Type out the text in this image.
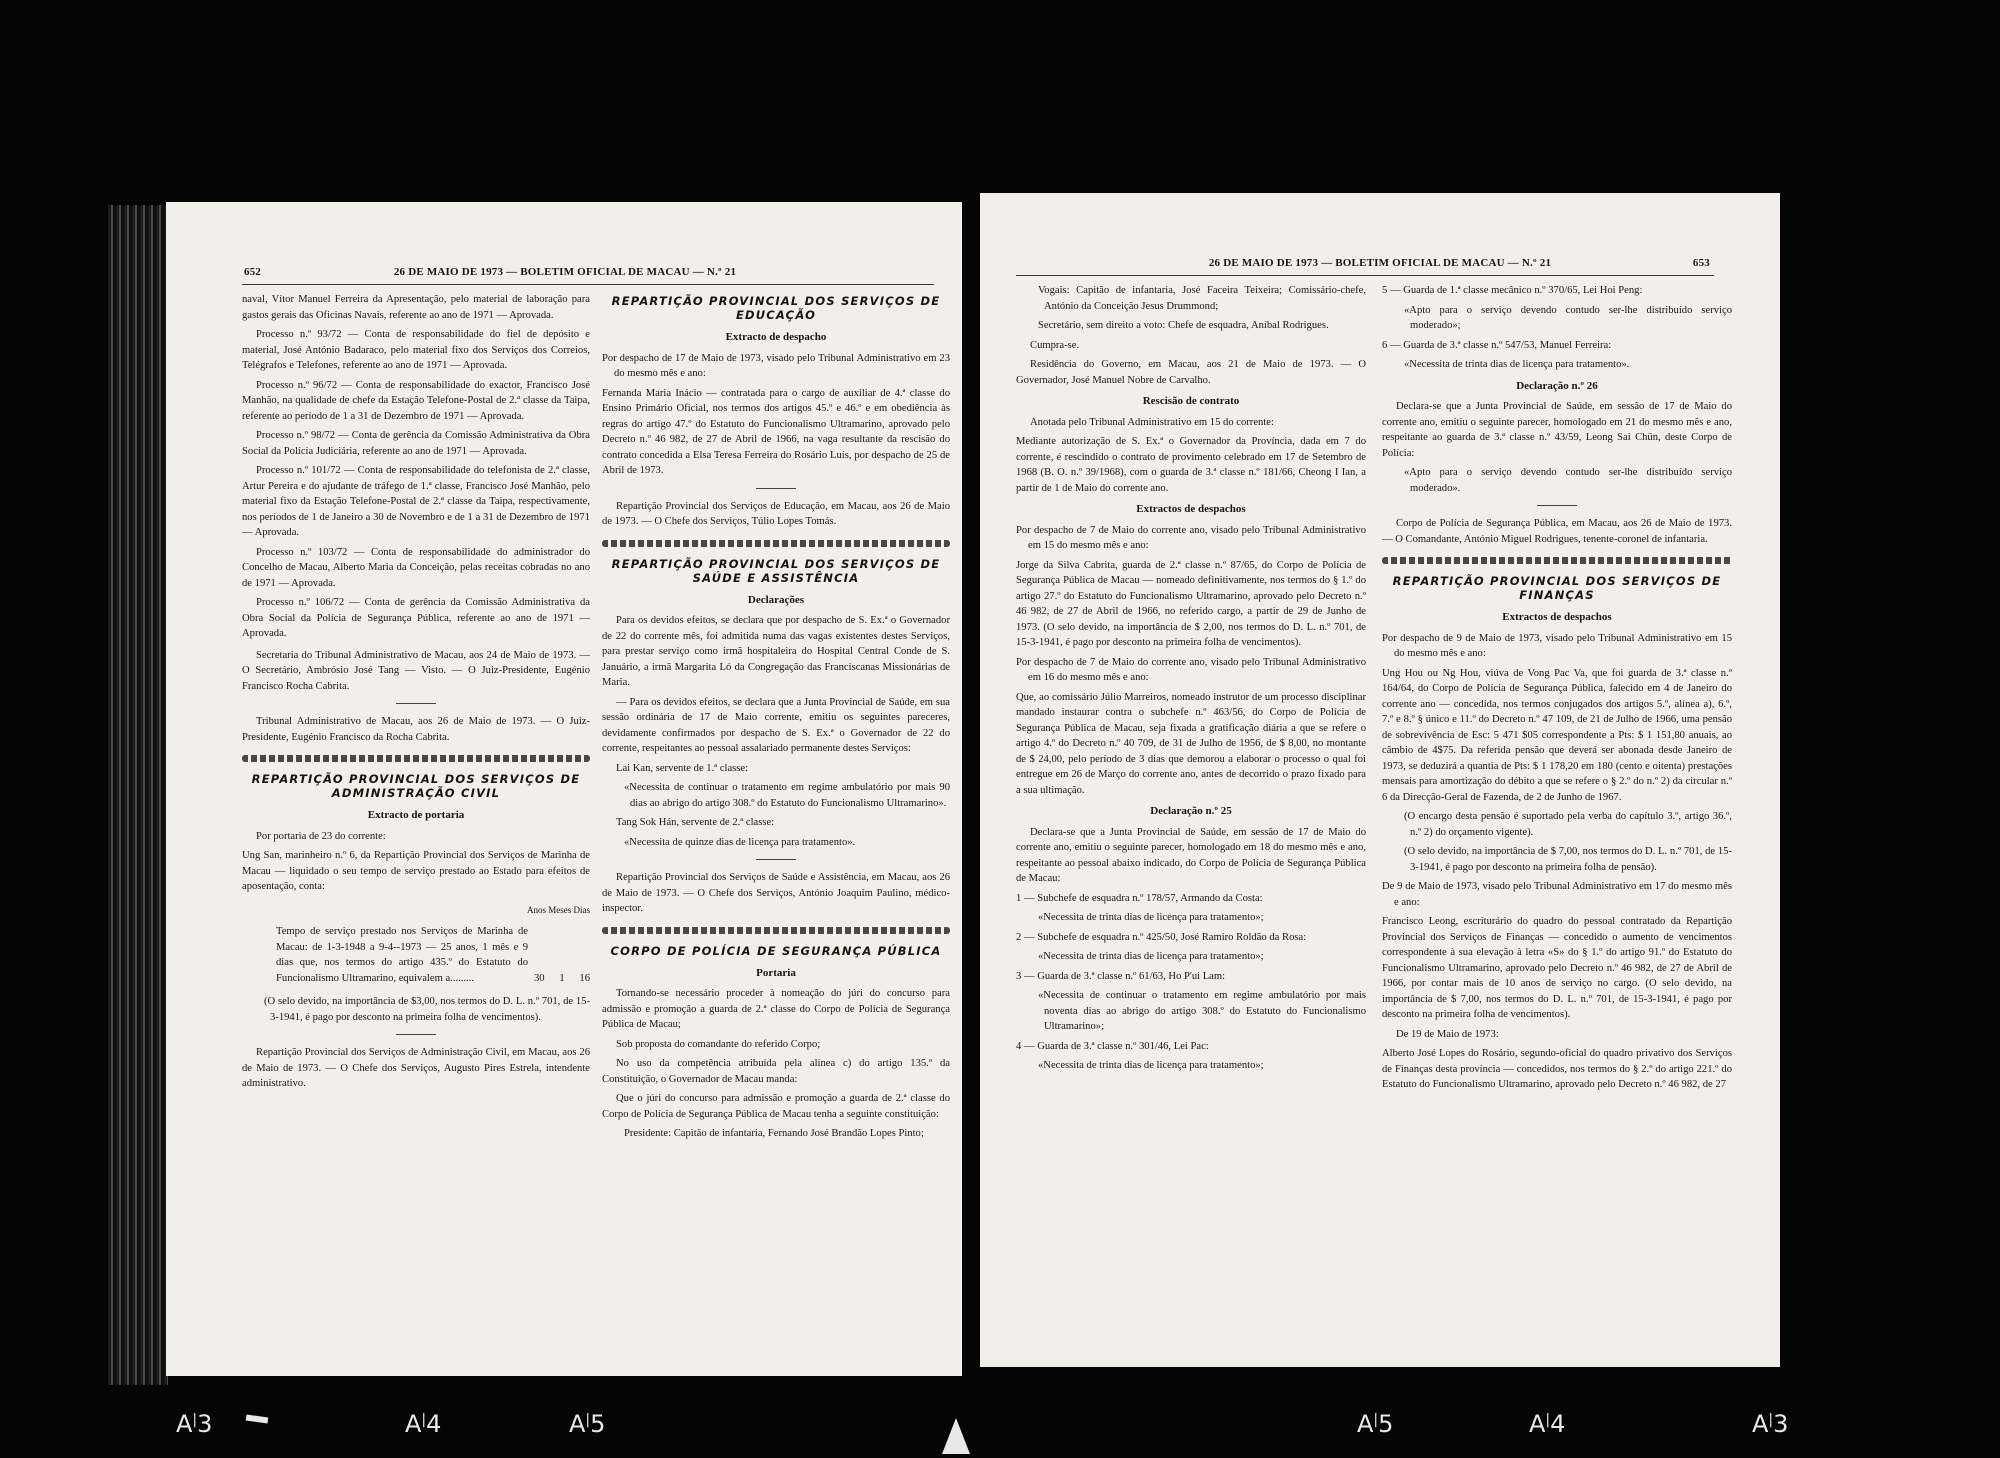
652	26 DE MAIO DE 1973 — BOLETIM OFICIAL DE MACAU — N.º 21

naval, Vítor Manuel Ferreira da Apresentação, pelo material de laboração para gastos gerais das Oficinas Navais, referente ao ano de 1971 — Aprovada.

Processo n.º 93/72 — Conta de responsabilidade do fiel de depósito e material, José António Badaraco, pelo material fixo dos Serviços dos Correios, Telégrafos e Telefones, referente ao ano de 1971 — Aprovada.

Processo n.º 96/72 — Conta de responsabilidade do exactor, Francisco José Manhão, na qualidade de chefe da Estação Telefone-Postal de 2.ª classe da Taipa, referente ao período de 1 a 31 de Dezembro de 1971 — Aprovada.

Processo n.º 98/72 — Conta de gerência da Comissão Administrativa da Obra Social da Polícia Judiciária, referente ao ano de 1971 — Aprovada.

Processo n.º 101/72 — Conta de responsabilidade do telefonista de 2.ª classe, Artur Pereira e do ajudante de tráfego de 1.ª classe, Francisco José Manhão, pelo material fixo da Estação Telefone-Postal de 2.ª classe da Taipa, respectivamente, nos períodos de 1 de Janeiro a 30 de Novembro e de 1 a 31 de Dezembro de 1971 — Aprovada.

Processo n.º 103/72 — Conta de responsabilidade do administrador do Concelho de Macau, Alberto Maria da Conceição, pelas receitas cobradas no ano de 1971 — Aprovada.

Processo n.º 106/72 — Conta de gerência da Comissão Administrativa da Obra Social da Polícia de Segurança Pública, referente ao ano de 1971 — Aprovada.

Secretaria do Tribunal Administrativo de Macau, aos 24 de Maio de 1973. — O Secretário, Ambrósio José Tang — Visto. — O Juiz-Presidente, Eugénio Francisco Rocha Cabrita.

Tribunal Administrativo de Macau, aos 26 de Maio de 1973. — O Juiz-Presidente, Eugénio Francisco da Rocha Cabrita.

REPARTIÇÃO PROVINCIAL DOS SERVIÇOS DE ADMINISTRAÇÃO CIVIL
Extracto de portaria

Por portaria de 23 do corrente:

Ung San, marinheiro n.º 6, da Repartição Provincial dos Serviços de Marinha de Macau — liquidado o seu tempo de serviço prestado ao Estado para efeitos de aposentação, conta:

Anos Meses Dias
Tempo de serviço prestado nos Serviços de Marinha de Macau: de 1-3-1948 a 9-4--1973 — 25 anos, 1 mês e 9 dias que, nos termos do artigo 435.º do Estatuto do Funcionalismo Ultramarino, equivalem a.........	30 1 16

(O selo devido, na importância de $3,00, nos termos do D. L. n.º 701, de 15-3-1941, é pago por desconto na primeira folha de vencimentos).

Repartição Provincial dos Serviços de Administração Civil, em Macau, aos 26 de Maio de 1973. — O Chefe dos Serviços, Augusto Pires Estrela, intendente administrativo.

REPARTIÇÃO PROVINCIAL DOS SERVIÇOS DE EDUCAÇÃO
Extracto de despacho

Por despacho de 17 de Maio de 1973, visado pelo Tribunal Administrativo em 23 do mesmo mês e ano:

Fernanda Maria Inácio — contratada para o cargo de auxiliar de 4.ª classe do Ensino Primário Oficial, nos termos dos artigos 45.º e 46.º e em obediência às regras do artigo 47.º do Estatuto do Funcionalismo Ultramarino, aprovado pelo Decreto n.º 46 982, de 27 de Abril de 1966, na vaga resultante da rescisão do contrato concedida a Elsa Teresa Ferreira do Rosário Luís, por despacho de 25 de Abril de 1973.

Repartição Provincial dos Serviços de Educação, em Macau, aos 26 de Maio de 1973. — O Chefe dos Serviços, Túlio Lopes Tomás.

REPARTIÇÃO PROVINCIAL DOS SERVIÇOS DE SAÚDE E ASSISTÊNCIA
Declarações

Para os devidos efeitos, se declara que por despacho de S. Ex.ª o Governador de 22 do corrente mês, foi admitida numa das vagas existentes destes Serviços, para prestar serviço como irmã hospitaleira do Hospital Central Conde de S. Januário, a irmã Margarita Ló da Congregação das Franciscanas Missionárias de Maria.

— Para os devidos efeitos, se declara que a Junta Provincial de Saúde, em sua sessão ordinária de 17 de Maio corrente, emitiu os seguintes pareceres, devidamente confirmados por despacho de S. Ex.ª o Governador de 22 do corrente, respeitantes ao pessoal assalariado permanente destes Serviços:

Lai Kan, servente de 1.ª classe:

«Necessita de continuar o tratamento em regime ambulatório por mais 90 dias ao abrigo do artigo 308.º do Estatuto do Funcionalismo Ultramarino».

Tang Sok Hán, servente de 2.ª classe:

«Necessita de quinze dias de licença para tratamento».

Repartição Provincial dos Serviços de Saúde e Assistência, em Macau, aos 26 de Maio de 1973. — O Chefe dos Serviços, António Joaquim Paulino, médico-inspector.

CORPO DE POLÍCIA DE SEGURANÇA PÚBLICA
Portaria

Tornando-se necessário proceder à nomeação do júri do concurso para admissão e promoção a guarda de 2.ª classe do Corpo de Polícia de Segurança Pública de Macau;

Sob proposta do comandante do referido Corpo;

No uso da competência atribuída pela alínea c) do artigo 135.º da Constituição, o Governador de Macau manda:

Que o júri do concurso para admissão e promoção a guarda de 2.ª classe do Corpo de Polícia de Segurança Pública de Macau tenha a seguinte constituição:

Presidente: Capitão de infantaria, Fernando José Brandão Lopes Pinto;

26 DE MAIO DE 1973 — BOLETIM OFICIAL DE MACAU — N.º 21	653

Vogais: Capitão de infantaria, José Faceira Teixeira; Comissário-chefe, António da Conceição Jesus Drummond;

Secretário, sem direito a voto: Chefe de esquadra, Aníbal Rodrigues.

Cumpra-se.

Residência do Governo, em Macau, aos 21 de Maio de 1973. — O Governador, José Manuel Nobre de Carvalho.

Rescisão de contrato

Anotada pelo Tribunal Administrativo em 15 do corrente:

Mediante autorização de S. Ex.ª o Governador da Província, dada em 7 do corrente, é rescindido o contrato de provimento celebrado em 17 de Setembro de 1968 (B. O. n.º 39/1968), com o guarda de 3.ª classe n.º 181/66, Cheong I Ian, a partir de 1 de Maio do corrente ano.

Extractos de despachos

Por despacho de 7 de Maio do corrente ano, visado pelo Tribunal Administrativo em 15 do mesmo mês e ano:

Jorge da Silva Cabrita, guarda de 2.ª classe n.º 87/65, do Corpo de Polícia de Segurança Pública de Macau — nomeado definitivamente, nos termos do § 1.º do artigo 27.º do Estatuto do Funcionalismo Ultramarino, aprovado pelo Decreto n.º 46 982, de 27 de Abril de 1966, no referido cargo, a partir de 29 de Junho de 1973. (O selo devido, na importância de $ 2,00, nos termos do D. L. n.º 701, de 15-3-1941, é pago por desconto na primeira folha de vencimentos).

Por despacho de 7 de Maio do corrente ano, visado pelo Tribunal Administrativo em 16 do mesmo mês e ano:

Que, ao comissário Júlio Marreiros, nomeado instrutor de um processo disciplinar mandado instaurar contra o subchefe n.º 463/56, do Corpo de Polícia de Segurança Pública de Macau, seja fixada a gratificação diária a que se refere o artigo 4.º do Decreto n.º 40 709, de 31 de Julho de 1956, de $ 8,00, no montante de $ 24,00, pelo período de 3 dias que demorou a elaborar o processo o qual foi entregue em 26 de Março do corrente ano, antes de decorrido o prazo fixado para a sua ultimação.

Declaração n.º 25

Declara-se que a Junta Provincial de Saúde, em sessão de 17 de Maio do corrente ano, emitiu o seguinte parecer, homologado em 18 do mesmo mês e ano, respeitante ao pessoal abaixo indicado, do Corpo de Polícia de Segurança Pública de Macau:

1 — Subchefe de esquadra n.º 178/57, Armando da Costa:

«Necessita de trinta dias de licença para tratamento»;

2 — Subchefe de esquadra n.º 425/50, José Ramiro Roldão da Rosa:

«Necessita de trinta dias de licença para tratamento»;

3 — Guarda de 3.ª classe n.º 61/63, Ho P'ui Lam:

«Necessita de continuar o tratamento em regime ambulatório por mais noventa dias ao abrigo do artigo 308.º do Estatuto do Funcionalismo Ultramarino»;

4 — Guarda de 3.ª classe n.º 301/46, Lei Pac:

«Necessita de trinta dias de licença para tratamento»;

5 — Guarda de 1.ª classe mecânico n.º 370/65, Lei Hoi Peng:

«Apto para o serviço devendo contudo ser-lhe distribuído serviço moderado»;

6 — Guarda de 3.ª classe n.º 547/53, Manuel Ferreira:

«Necessita de trinta dias de licença para tratamento».

Declaração n.º 26

Declara-se que a Junta Provincial de Saúde, em sessão de 17 de Maio do corrente ano, emitiu o seguinte parecer, homologado em 21 do mesmo mês e ano, respeitante ao guarda de 3.ª classe n.º 43/59, Leong Sai Chün, deste Corpo de Polícia:

«Apto para o serviço devendo contudo ser-lhe distribuído serviço moderado».

Corpo de Polícia de Segurança Pública, em Macau, aos 26 de Maio de 1973. — O Comandante, António Miguel Rodrigues, tenente-coronel de infantaria.

REPARTIÇÃO PROVINCIAL DOS SERVIÇOS DE FINANÇAS
Extractos de despachos

Por despacho de 9 de Maio de 1973, visado pelo Tribunal Administrativo em 15 do mesmo mês e ano:

Ung Hou ou Ng Hou, viúva de Vong Pac Va, que foi guarda de 3.ª classe n.º 164/64, do Corpo de Polícia de Segurança Pública, falecido em 4 de Janeiro do corrente ano — concedida, nos termos conjugados dos artigos 5.º, alínea a), 6.º, 7.º e 8.º § único e 11.º do Decreto n.º 47 109, de 21 de Julho de 1966, uma pensão de sobrevivência de Esc: 5 471 $05 correspondente a Pts: $ 1 151,80 anuais, ao câmbio de 4$75. Da referida pensão que deverá ser abonada desde Janeiro de 1973, se deduzirá a quantia de Pts: $ 1 178,20 em 180 (cento e oitenta) prestações mensais para amortização do débito a que se refere o § 2.º do n.º 2) da circular n.º 6 da Direcção-Geral de Fazenda, de 2 de Junho de 1967.

(O encargo desta pensão é suportado pela verba do capítulo 3.º, artigo 36.º, n.º 2) do orçamento vigente).

(O selo devido, na importância de $ 7,00, nos termos do D. L. n.º 701, de 15-3-1941, é pago por desconto na primeira folha de pensão).

De 9 de Maio de 1973, visado pelo Tribunal Administrativo em 17 do mesmo mês e ano:

Francisco Leong, escriturário do quadro do pessoal contratado da Repartição Provincial dos Serviços de Finanças — concedido o aumento de vencimentos correspondente à sua elevação à letra «S» do § 1.º do artigo 91.º do Estatuto do Funcionalismo Ultramarino, aprovado pelo Decreto n.º 46 982, de 27 de Abril de 1966, por contar mais de 10 anos de serviço no cargo. (O selo devido, na importância de $ 7,00, nos termos do D. L. n.º 701, de 15-3-1941, é pago por desconto na primeira folha de vencimentos).

De 19 de Maio de 1973:

Alberto José Lopes do Rosário, segundo-oficial do quadro privativo dos Serviços de Finanças desta província — concedidos, nos termos do § 2.º do artigo 221.º do Estatuto do Funcionalismo Ultramarino, aprovado pelo Decreto n.º 46 982, de 27

A|3	A|4	A|5	A|5	A|4	A|3
